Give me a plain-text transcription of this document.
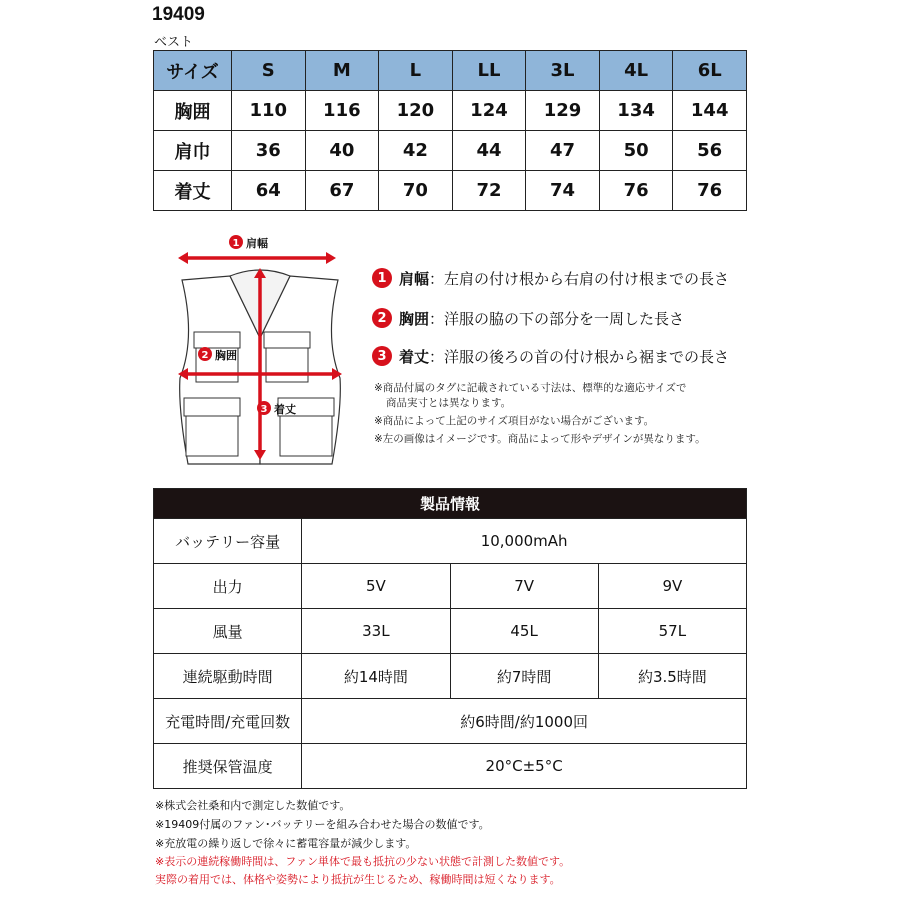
19409
ベスト
サイズ	S	M	L	LL	3L	4L	6L
胸囲	110	116	120	124	129	134	144
肩巾	36	40	42	44	47	50	56
着丈	64	67	70	72	74	76	76
1 肩幅
2 胸囲
3 着丈
1 肩幅 ：左肩の付け根から右肩の付け根までの長さ
2 胸囲 ：洋服の脇の下の部分を一周した長さ
3 着丈 ：洋服の後ろの首の付け根から裾までの長さ
※商品付属のタグに記載されている寸法は、標準的な適応サイズで
商品実寸とは異なります。
※商品によって上記のサイズ項目がない場合がございます。
※左の画像はイメージです。商品によって形やデザインが異なります。
製品情報			
バッテリー容量	10,000mAh		
出力	5V	7V	9V
風量	33L	45L	57L
連続駆動時間	約14時間	約7時間	約3.5時間
充電時間/充電回数	約6時間/約1000回		
推奨保管温度	20°C±5°C		
※株式会社桑和内で測定した数値です。
※19409付属のファン･バッテリーを組み合わせた場合の数値です。
※充放電の繰り返しで徐々に蓄電容量が減少します。
※表示の連続稼働時間は、ファン単体で最も抵抗の少ない状態で計測した数値です。
実際の着用では、体格や姿勢により抵抗が生じるため、稼働時間は短くなります。
